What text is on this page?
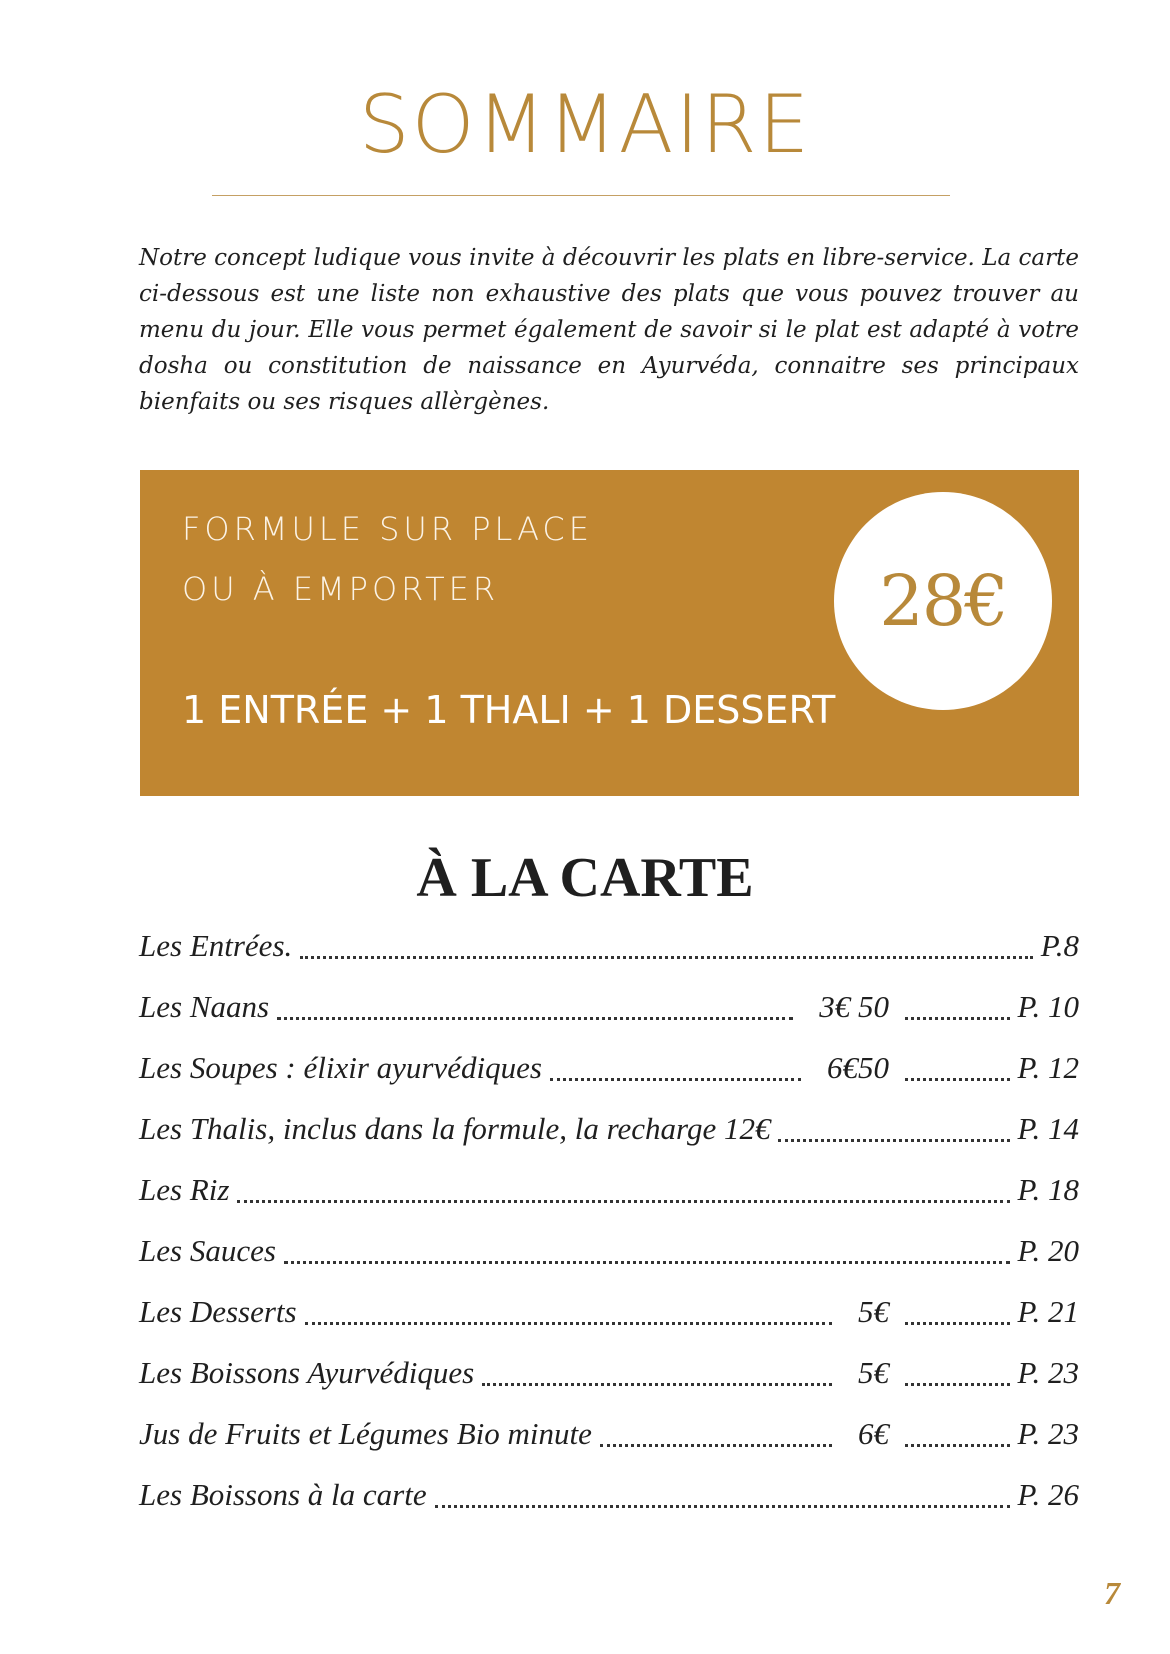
SOMMAIRE

Notre concept ludique vous invite à découvrir les plats en libre-service. La carte ci-dessous est une liste non exhaustive des plats que vous pouvez trouver au menu du jour. Elle vous permet également de savoir si le plat est adapté à votre dosha ou constitution de naissance en Ayurvéda, connaitre ses principaux bienfaits ou ses risques allèrgènes.

FORMULE SUR PLACE
OU À EMPORTER
1 ENTRÉE + 1 THALI + 1 DESSERT
28€
À LA CARTE
Les Entrées.	P.8
Les Naans	3€ 50	P. 10
Les Soupes : élixir ayurvédiques	6€50	P. 12
Les Thalis, inclus dans la formule, la recharge 12€	P. 14
Les Riz	P. 18
Les Sauces	P. 20
Les Desserts	5€	P. 21
Les Boissons Ayurvédiques	5€	P. 23
Jus de Fruits et Légumes Bio minute	6€	P. 23
Les Boissons à la carte	P. 26
7
